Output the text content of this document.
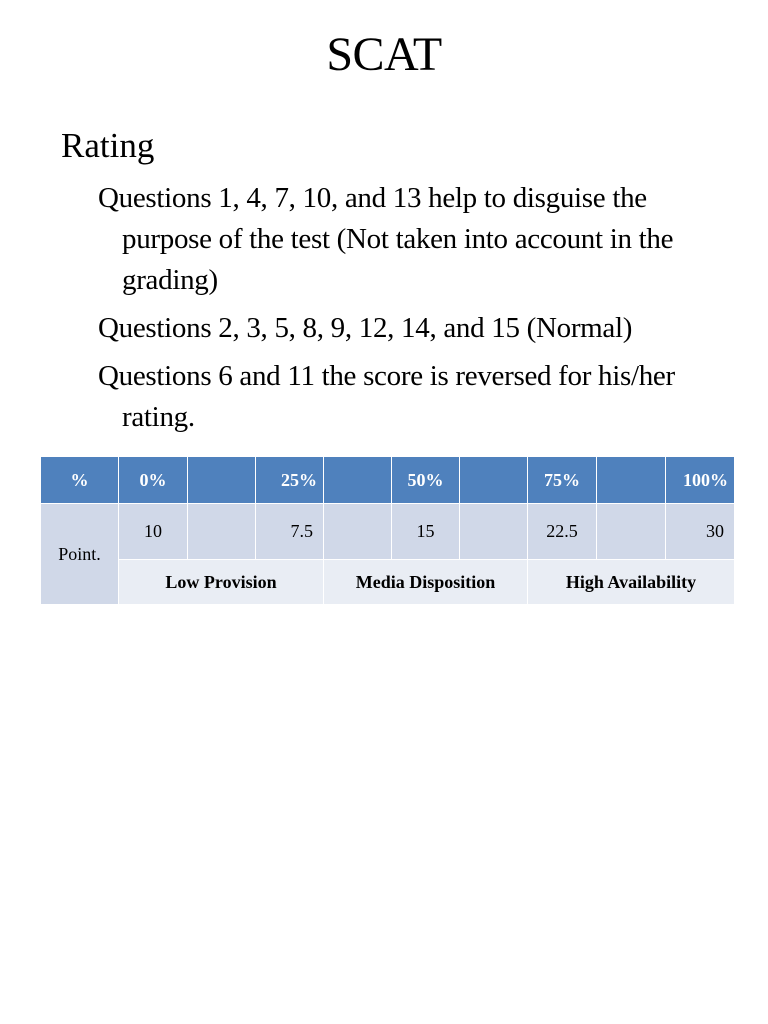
SCAT
Rating
Questions 1, 4, 7, 10, and 13 help to disguise the purpose of the test (Not taken into account in the grading)
Questions 2, 3, 5, 8, 9, 12, 14, and 15 (Normal)
Questions 6 and 11 the score is reversed for his/her rating.
%	0%		25%		50%		75%		100%
Point.	10		7.5		15		22.5		30
	Low Provision			Media Disposition			High Availability		
